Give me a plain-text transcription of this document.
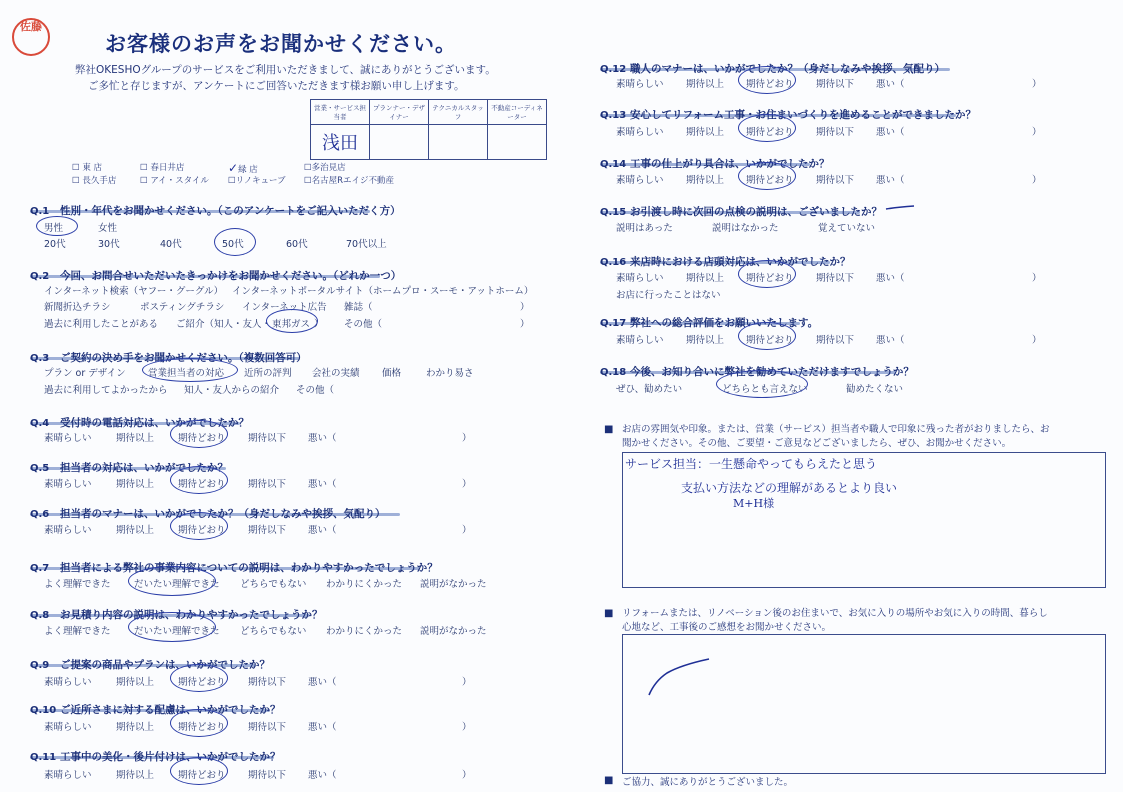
佐藤
お客様のお声をお聞かせください。
弊社OKESHOグループのサービスをご利用いただきまして、誠にありがとうございます。
ご多忙と存じますが、アンケートにご回答いただきます様お願い申し上げます。
営業・サービス担当者	プランナー・デザイナー	テクニカルスタッフ	不動産コーディネーター
浅田			
☐ 東 店	☐ 春日井店	✓緑 店	☐多治見店
☐ 長久手店	☐ アイ・スタイル ☐リノキューブ ☐名古屋Rエイジ不動産
Q.1 性別・年代をお聞かせください。（このアンケートをご記入いただく方）
男性	女性
20代	30代	40代	50代	60代	70代以上
Q.2 今回、お問合せいただいたきっかけをお聞かせください。（どれか一つ）
インターネット検索（ヤフー・グーグル） インターネットポータルサイト（ホームプロ・スーモ・アットホーム）
新聞折込チラシ	ポスティングチラシ インターネット広告 雑誌（	）
過去に利用したことがある ご紹介（知人・友人・ 東邦ガス ） その他（	）
Q.3 ご契約の決め手をお聞かせください。（複数回答可）
プラン or デザイン 営業担当者の対応 近所の評判 会社の実績 価格	わかり易さ
過去に利用してよかったから 知人・友人からの紹介 その他（
Q.4 受付時の電話対応は、いかがでしたか？
素晴らしい	期待以上	期待どおり 期待以下 悪い（	）
Q.5 担当者の対応は、いかがでしたか？
素晴らしい	期待以上	期待どおり 期待以下 悪い（	）
Q.6 担当者のマナーは、いかがでしたか？（身だしなみや挨拶、気配り）
素晴らしい	期待以上	期待どおり 期待以下 悪い（	）
Q.7 担当者による弊社の事業内容についての説明は、わかりやすかったでしょうか？
よく理解できた だいたい理解できた どちらでもない わかりにくかった 説明がなかった
Q.8 お見積り内容の説明は、わかりやすかったでしょうか？
よく理解できた だいたい理解できた どちらでもない わかりにくかった 説明がなかった
Q.9 ご提案の商品やプランは、いかがでしたか？
素晴らしい	期待以上	期待どおり 期待以下 悪い（	）
Q.10 ご近所さまに対する配慮は、いかがでしたか？
素晴らしい	期待以上	期待どおり 期待以下 悪い（	）
Q.11 工事中の美化・後片付けは、いかがでしたか？
素晴らしい	期待以上	期待どおり 期待以下 悪い（	）
Q.12 職人のマナーは、いかがでしたか？（身だしなみや挨拶、気配り）
素晴らしい 期待以上 期待どおり 期待以下 悪い（	）
Q.13 安心してリフォーム工事・お住まいづくりを進めることができましたか？
素晴らしい 期待以上 期待どおり 期待以下 悪い（	）
Q.14 工事の仕上がり具合は、いかがでしたか？
素晴らしい 期待以上 期待どおり 期待以下 悪い（	）
Q.15 お引渡し時に次回の点検の説明は、ございましたか？
説明はあった	説明はなかった	覚えていない
Q.16 来店時における店頭対応は、いかがでしたか？
素晴らしい 期待以上 期待どおり 期待以下 悪い（	）
お店に行ったことはない
Q.17 弊社への総合評価をお願いいたします。
素晴らしい 期待以上 期待どおり 期待以下 悪い（	）
Q.18 今後、お知り合いに弊社を勧めていただけますでしょうか？
ぜひ、勧めたい	どちらとも言えない	勧めたくない
■ お店の雰囲気や印象。または、営業（サービス）担当者や職人で印象に残った者がおりましたら、お聞かせください。その他、ご要望・ご意見などございましたら、ぜひ、お聞かせください。
サービス担当：一生懸命やってもらえたと思う
支払い方法などの理解があるとより良い
M+H様
■ リフォームまたは、リノベーション後のお住まいで、お気に入りの場所やお気に入りの時間、暮らし心地など、工事後のご感想をお聞かせください。
■ ご協力、誠にありがとうございました。
